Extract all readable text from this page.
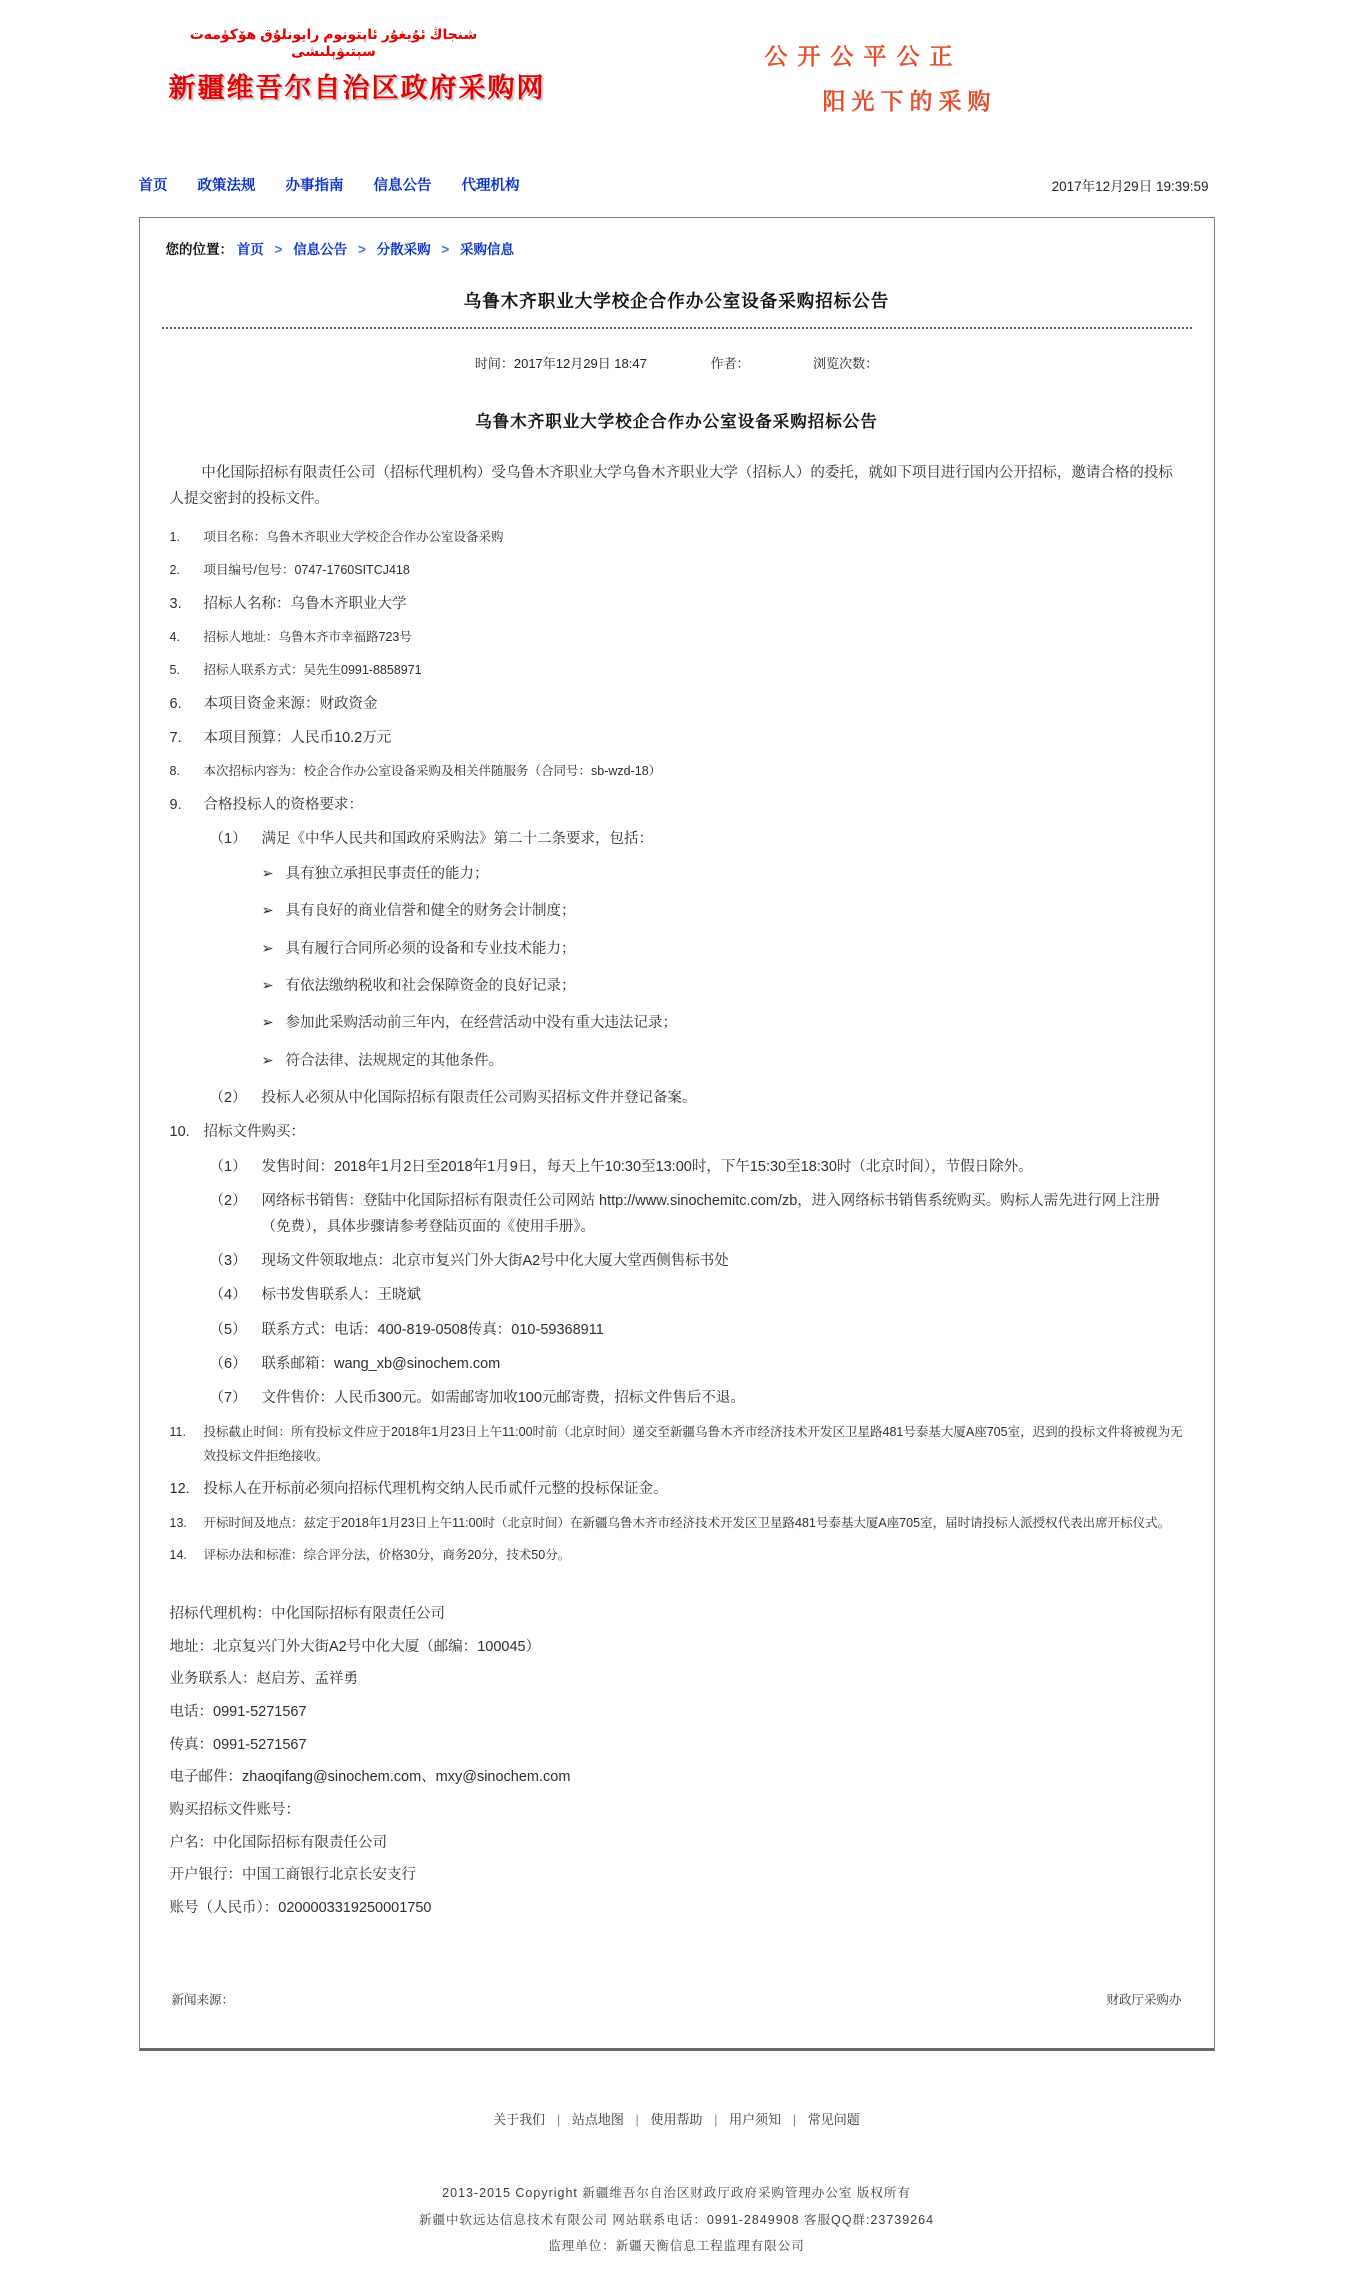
شنجاڭ ئۇيغۇر ئاپتونوم رايونلۇق ھۆكۈمەت سېتىۋېلىشى
新疆维吾尔自治区政府采购网
公开公平公正
阳光下的采购
首页 政策法规 办事指南 信息公告 代理机构	2017年12月29日 19:39:59
您的位置： 首页 > 信息公告 > 分散采购 > 采购信息
乌鲁木齐职业大学校企合作办公室设备采购招标公告
时间：2017年12月29日 18:47	作者：	浏览次数：
乌鲁木齐职业大学校企合作办公室设备采购招标公告

中化国际招标有限责任公司（招标代理机构）受乌鲁木齐职业大学乌鲁木齐职业大学（招标人）的委托，就如下项目进行国内公开招标，邀请合格的投标人提交密封的投标文件。

1.	项目名称：乌鲁木齐职业大学校企合作办公室设备采购
2.	项目编号/包号：0747-1760SITCJ418
3.	招标人名称：乌鲁木齐职业大学
4.	招标人地址：乌鲁木齐市幸福路723号
5.	招标人联系方式：吴先生0991-8858971
6.	本项目资金来源：财政资金
7.	本项目预算：人民币10.2万元
8.	本次招标内容为：校企合作办公室设备采购及相关伴随服务（合同号：sb-wzd-18）
9.	合格投标人的资格要求：
（1）	满足《中华人民共和国政府采购法》第二十二条要求，包括：
➢ 具有独立承担民事责任的能力；
➢ 具有良好的商业信誉和健全的财务会计制度；
➢ 具有履行合同所必须的设备和专业技术能力；
➢ 有依法缴纳税收和社会保障资金的良好记录；
➢ 参加此采购活动前三年内，在经营活动中没有重大违法记录；
➢ 符合法律、法规规定的其他条件。
（2）	投标人必须从中化国际招标有限责任公司购买招标文件并登记备案。
10. 招标文件购买：
（1）	发售时间：2018年1月2日至2018年1月9日，每天上午10:30至13:00时，下午15:30至18:30时（北京时间），节假日除外。
（2）	网络标书销售：登陆中化国际招标有限责任公司网站 http://www.sinochemitc.com/zb，进入网络标书销售系统购买。购标人需先进行网上注册（免费），具体步骤请参考登陆页面的《使用手册》。
（3）	现场文件领取地点：北京市复兴门外大街A2号中化大厦大堂西侧售标书处
（4）	标书发售联系人：王晓斌
（5）	联系方式：电话：400-819-0508传真：010-59368911
（6）	联系邮箱：wang_xb@sinochem.com
（7）	文件售价：人民币300元。如需邮寄加收100元邮寄费，招标文件售后不退。
11.	投标截止时间：所有投标文件应于2018年1月23日上午11:00时前（北京时间）递交至新疆乌鲁木齐市经济技术开发区卫星路481号泰基大厦A座705室，迟到的投标文件将被视为无效投标文件拒绝接收。
12. 投标人在开标前必须向招标代理机构交纳人民币贰仟元整的投标保证金。
13.	开标时间及地点：兹定于2018年1月23日上午11:00时（北京时间）在新疆乌鲁木齐市经济技术开发区卫星路481号泰基大厦A座705室，届时请投标人派授权代表出席开标仪式。
14.	评标办法和标准：综合评分法，价格30分，商务20分，技术50分。
招标代理机构：中化国际招标有限责任公司
地址：北京复兴门外大街A2号中化大厦（邮编：100045）
业务联系人：赵启芳、孟祥勇
电话：0991-5271567
传真：0991-5271567
电子邮件：zhaoqifang@sinochem.com、mxy@sinochem.com
购买招标文件账号：
户名：中化国际招标有限责任公司
开户银行：中国工商银行北京长安支行
账号（人民币）：0200003319250001750
新闻来源：	财政厅采购办
关于我们 | 站点地图 | 使用帮助 | 用户须知 | 常见问题
2013-2015 Copyright 新疆维吾尔自治区财政厅政府采购管理办公室 版权所有
新疆中软远达信息技术有限公司 网站联系电话：0991-2849908 客服QQ群:23739264
监理单位：新疆天衡信息工程监理有限公司
